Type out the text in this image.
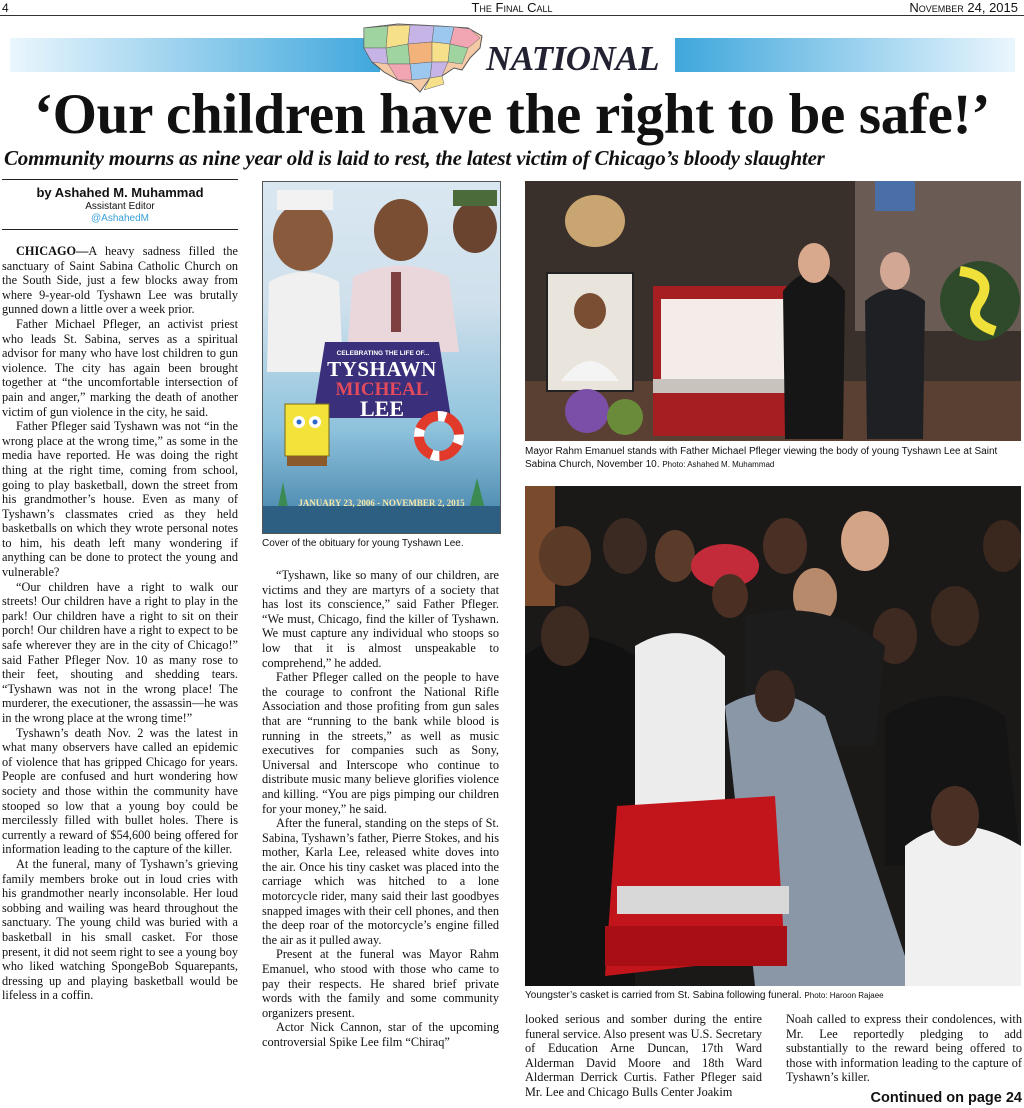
4	The Final Call	November 24, 2015
NATIONAL
‘Our children have the right to be safe!’
Community mourns as nine year old is laid to rest, the latest victim of Chicago’s bloody slaughter
by Ashahed M. Muhammad
Assistant Editor
@AshahedM

CHICAGO—A heavy sadness filled the sanctuary of Saint Sabina Catholic Church on the South Side, just a few blocks away from where 9-year-old Tyshawn Lee was brutally gunned down a little over a week prior.

Father Michael Pfleger, an activist priest who leads St. Sabina, serves as a spiritual advisor for many who have lost children to gun violence. The city has again been brought together at “the uncomfortable intersection of pain and anger,” marking the death of another victim of gun violence in the city, he said.

Father Pfleger said Tyshawn was not “in the wrong place at the wrong time,” as some in the media have reported. He was doing the right thing at the right time, coming from school, going to play basketball, down the street from his grandmother’s house. Even as many of Tyshawn’s classmates cried as they held basketballs on which they wrote personal notes to him, his death left many wondering if anything can be done to protect the young and vulnerable?

“Our children have a right to walk our streets! Our children have a right to play in the park! Our children have a right to sit on their porch! Our children have a right to expect to be safe wherever they are in the city of Chicago!” said Father Pfleger Nov. 10 as many rose to their feet, shouting and shedding tears. “Tyshawn was not in the wrong place! The murderer, the executioner, the assassin—he was in the wrong place at the wrong time!”

Tyshawn’s death Nov. 2 was the latest in what many observers have called an epidemic of violence that has gripped Chicago for years. People are confused and hurt wondering how society and those within the community have stooped so low that a young boy could be mercilessly filled with bullet holes. There is currently a reward of $54,600 being offered for information leading to the capture of the killer.

At the funeral, many of Tyshawn’s grieving family members broke out in loud cries with his grandmother nearly inconsolable. Her loud sobbing and wailing was heard throughout the sanctuary. The young child was buried with a basketball in his small casket. For those present, it did not seem right to see a young boy who liked watching SpongeBob Squarepants, dressing up and playing basketball would be lifeless in a coffin.

CELEBRATING THE LIFE OF...
TYSHAWN
MICHEAL
LEE
JANUARY 23, 2006 - NOVEMBER 2, 2015
Cover of the obituary for young Tyshawn Lee.

“Tyshawn, like so many of our children, are victims and they are martyrs of a society that has lost its conscience,” said Father Pfleger. “We must, Chicago, find the killer of Tyshawn. We must capture any individual who stoops so low that it is almost unspeakable to comprehend,” he added.

Father Pfleger called on the people to have the courage to confront the National Rifle Association and those profiting from gun sales that are “running to the bank while blood is running in the streets,” as well as music executives for companies such as Sony, Universal and Interscope who continue to distribute music many believe glorifies violence and killing. “You are pigs pimping our children for your money,” he said.

After the funeral, standing on the steps of St. Sabina, Tyshawn’s father, Pierre Stokes, and his mother, Karla Lee, released white doves into the air. Once his tiny casket was placed into the carriage which was hitched to a lone motorcycle rider, many said their last goodbyes snapped images with their cell phones, and then the deep roar of the motorcycle’s engine filled the air as it pulled away.

Present at the funeral was Mayor Rahm Emanuel, who stood with those who came to pay their respects. He shared brief private words with the family and some community organizers present.

Actor Nick Cannon, star of the upcoming controversial Spike Lee film “Chiraq”

Mayor Rahm Emanuel stands with Father Michael Pfleger viewing the body of young Tyshawn Lee at Saint Sabina Church, November 10. Photo: Ashahed M. Muhammad
Youngster’s casket is carried from St. Sabina following funeral. Photo: Haroon Rajaee

looked serious and somber during the entire funeral service. Also present was U.S. Secretary of Education Arne Duncan, 17th Ward Alderman David Moore and 18th Ward Alderman Derrick Curtis. Father Pfleger said Mr. Lee and Chicago Bulls Center Joakim

Noah called to express their condolences, with Mr. Lee reportedly pledging to add substantially to the reward being offered to those with information leading to the capture of Tyshawn’s killer.

Continued on page 24
